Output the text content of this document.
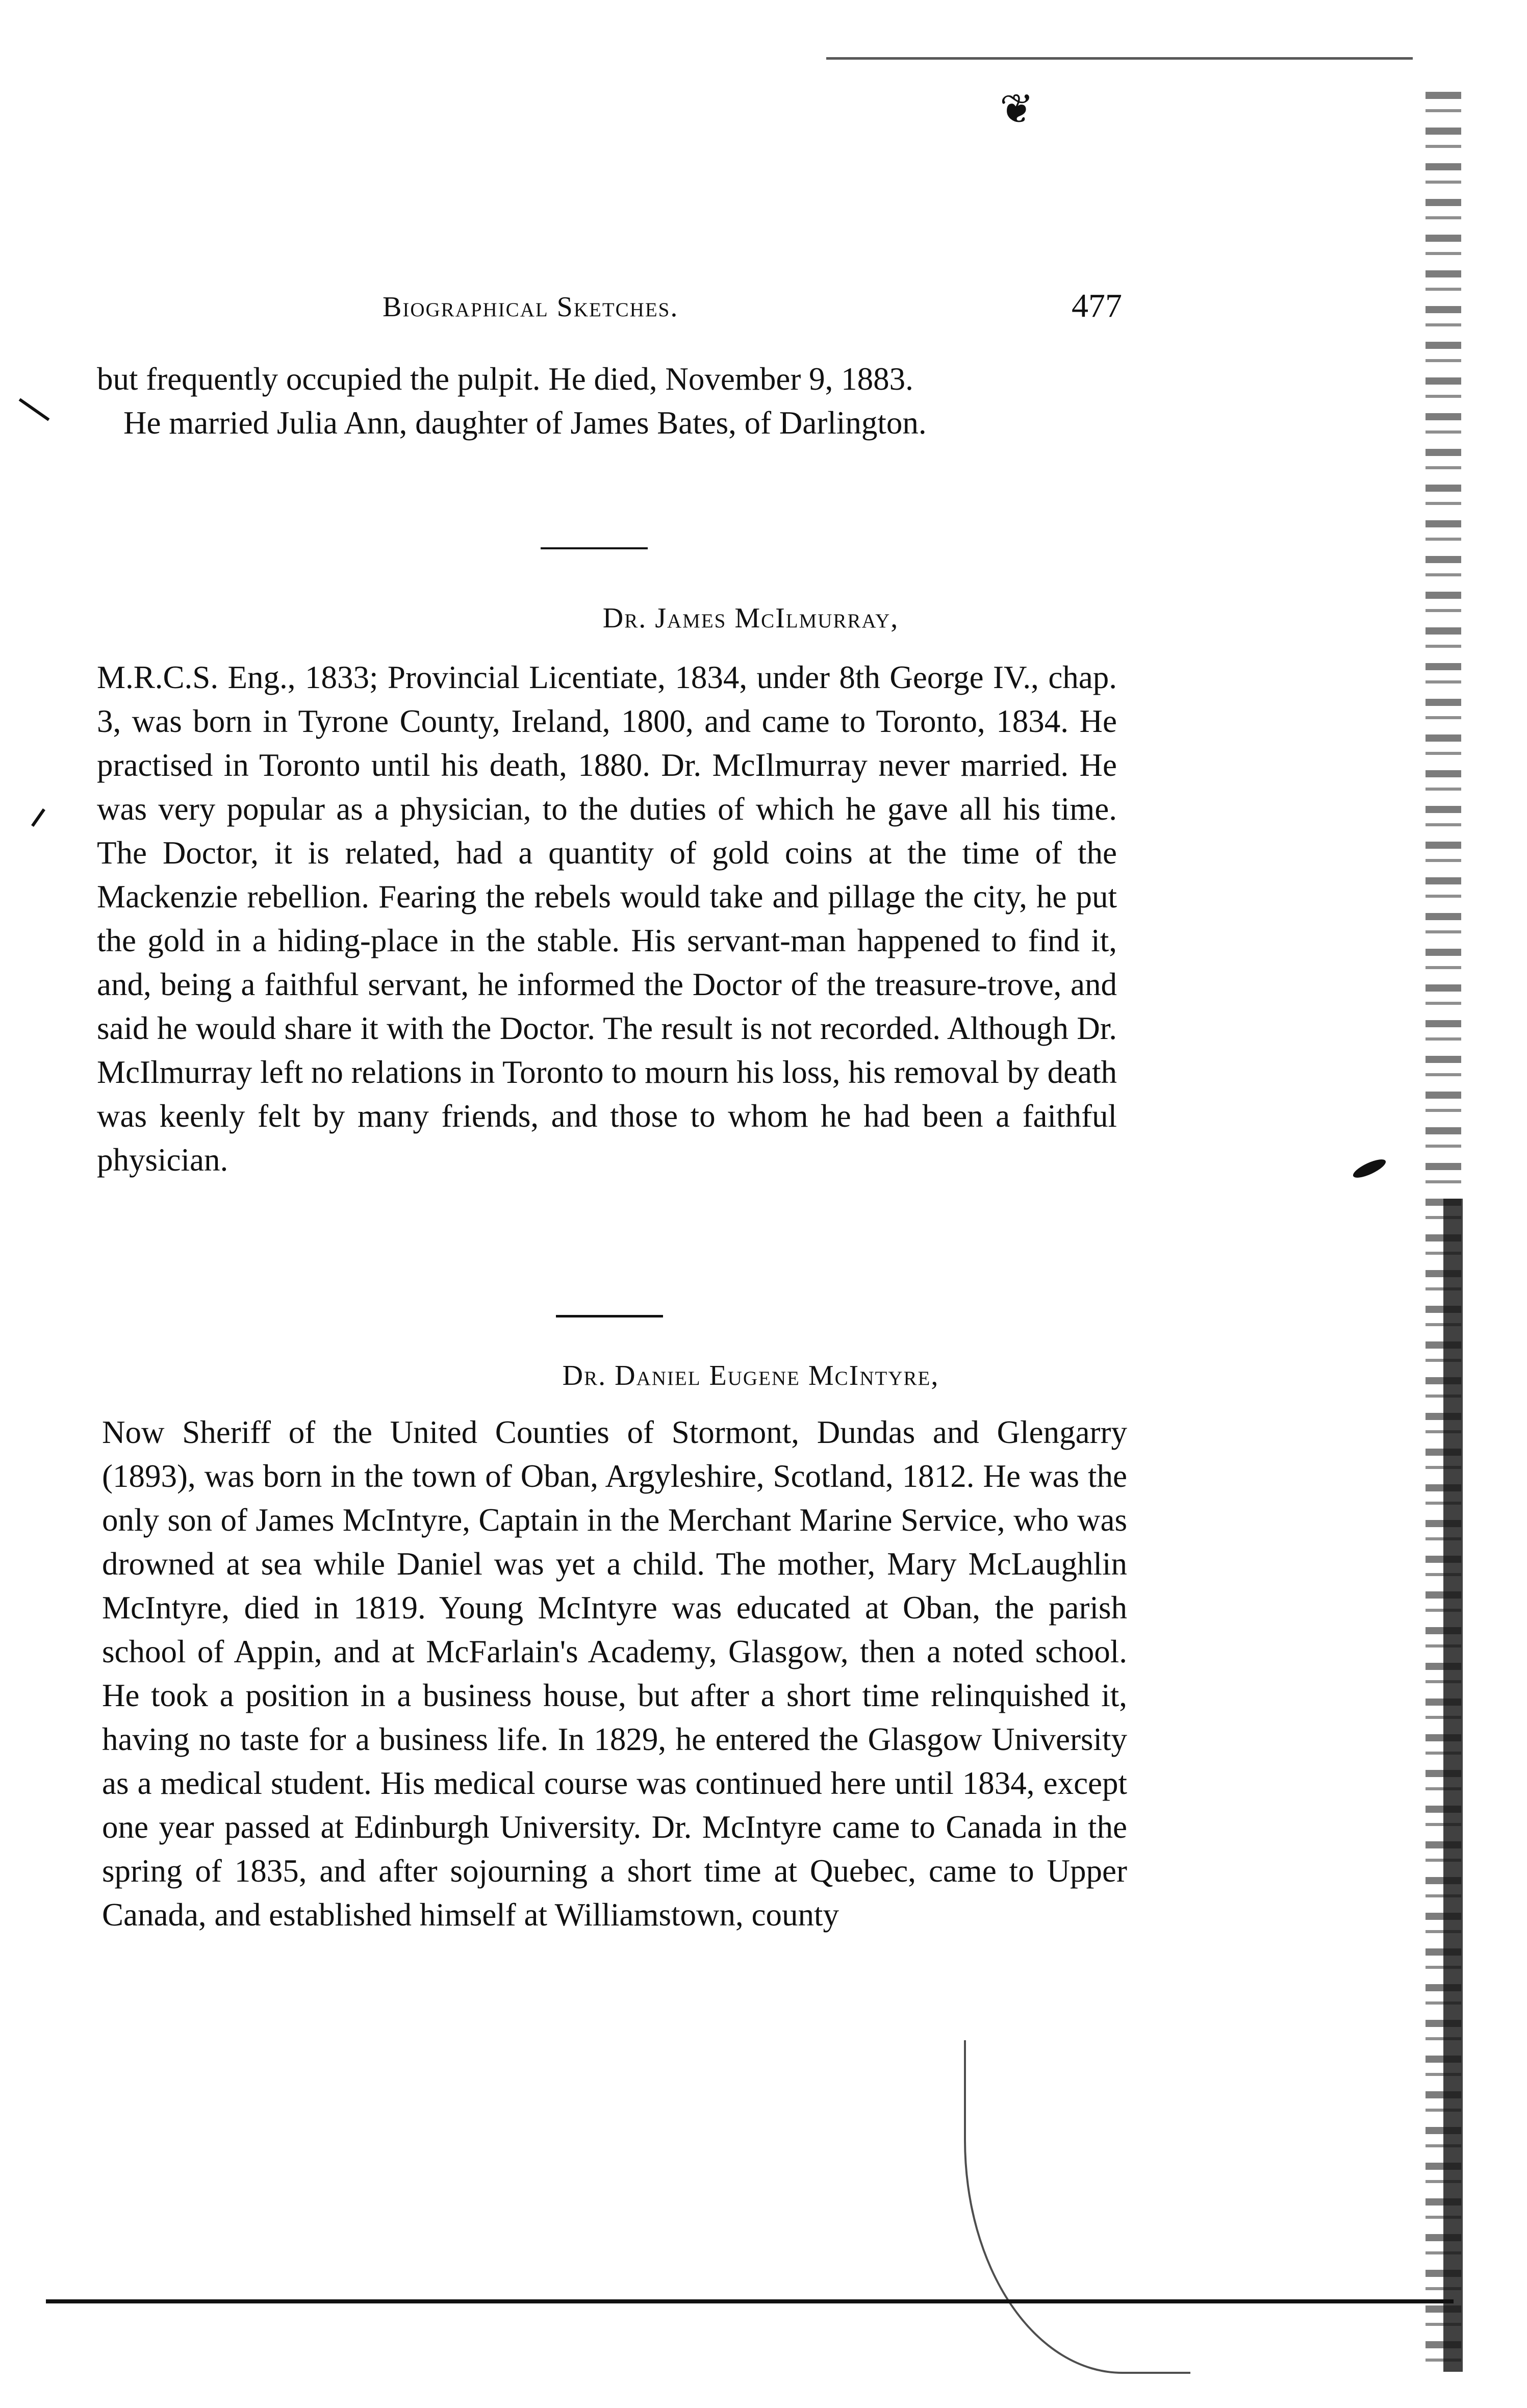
❦
Biographical Sketches.	477

but frequently occupied the pulpit. He died, November 9, 1883.

He married Julia Ann, daughter of James Bates, of Darlington.

Dr. James McIlmurray,

M.R.C.S. Eng., 1833; Provincial Licentiate, 1834, under 8th George IV., chap. 3, was born in Tyrone County, Ireland, 1800, and came to Toronto, 1834. He practised in Toronto until his death, 1880. Dr. McIlmurray never married. He was very popular as a physician, to the duties of which he gave all his time. The Doctor, it is related, had a quantity of gold coins at the time of the Mackenzie rebellion. Fearing the rebels would take and pillage the city, he put the gold in a hiding-place in the stable. His servant-man happened to find it, and, being a faithful servant, he informed the Doctor of the treasure-trove, and said he would share it with the Doctor. The result is not recorded. Although Dr. McIlmurray left no relations in Toronto to mourn his loss, his removal by death was keenly felt by many friends, and those to whom he had been a faithful physician.

Dr. Daniel Eugene McIntyre,

Now Sheriff of the United Counties of Stormont, Dundas and Glengarry (1893), was born in the town of Oban, Argyleshire, Scotland, 1812. He was the only son of James McIntyre, Captain in the Merchant Marine Service, who was drowned at sea while Daniel was yet a child. The mother, Mary McLaughlin McIntyre, died in 1819. Young McIntyre was educated at Oban, the parish school of Appin, and at McFarlain's Academy, Glasgow, then a noted school. He took a position in a business house, but after a short time relinquished it, having no taste for a business life. In 1829, he entered the Glasgow University as a medical student. His medical course was continued here until 1834, except one year passed at Edinburgh University. Dr. McIntyre came to Canada in the spring of 1835, and after sojourning a short time at Quebec, came to Upper Canada, and established himself at Williamstown, county
